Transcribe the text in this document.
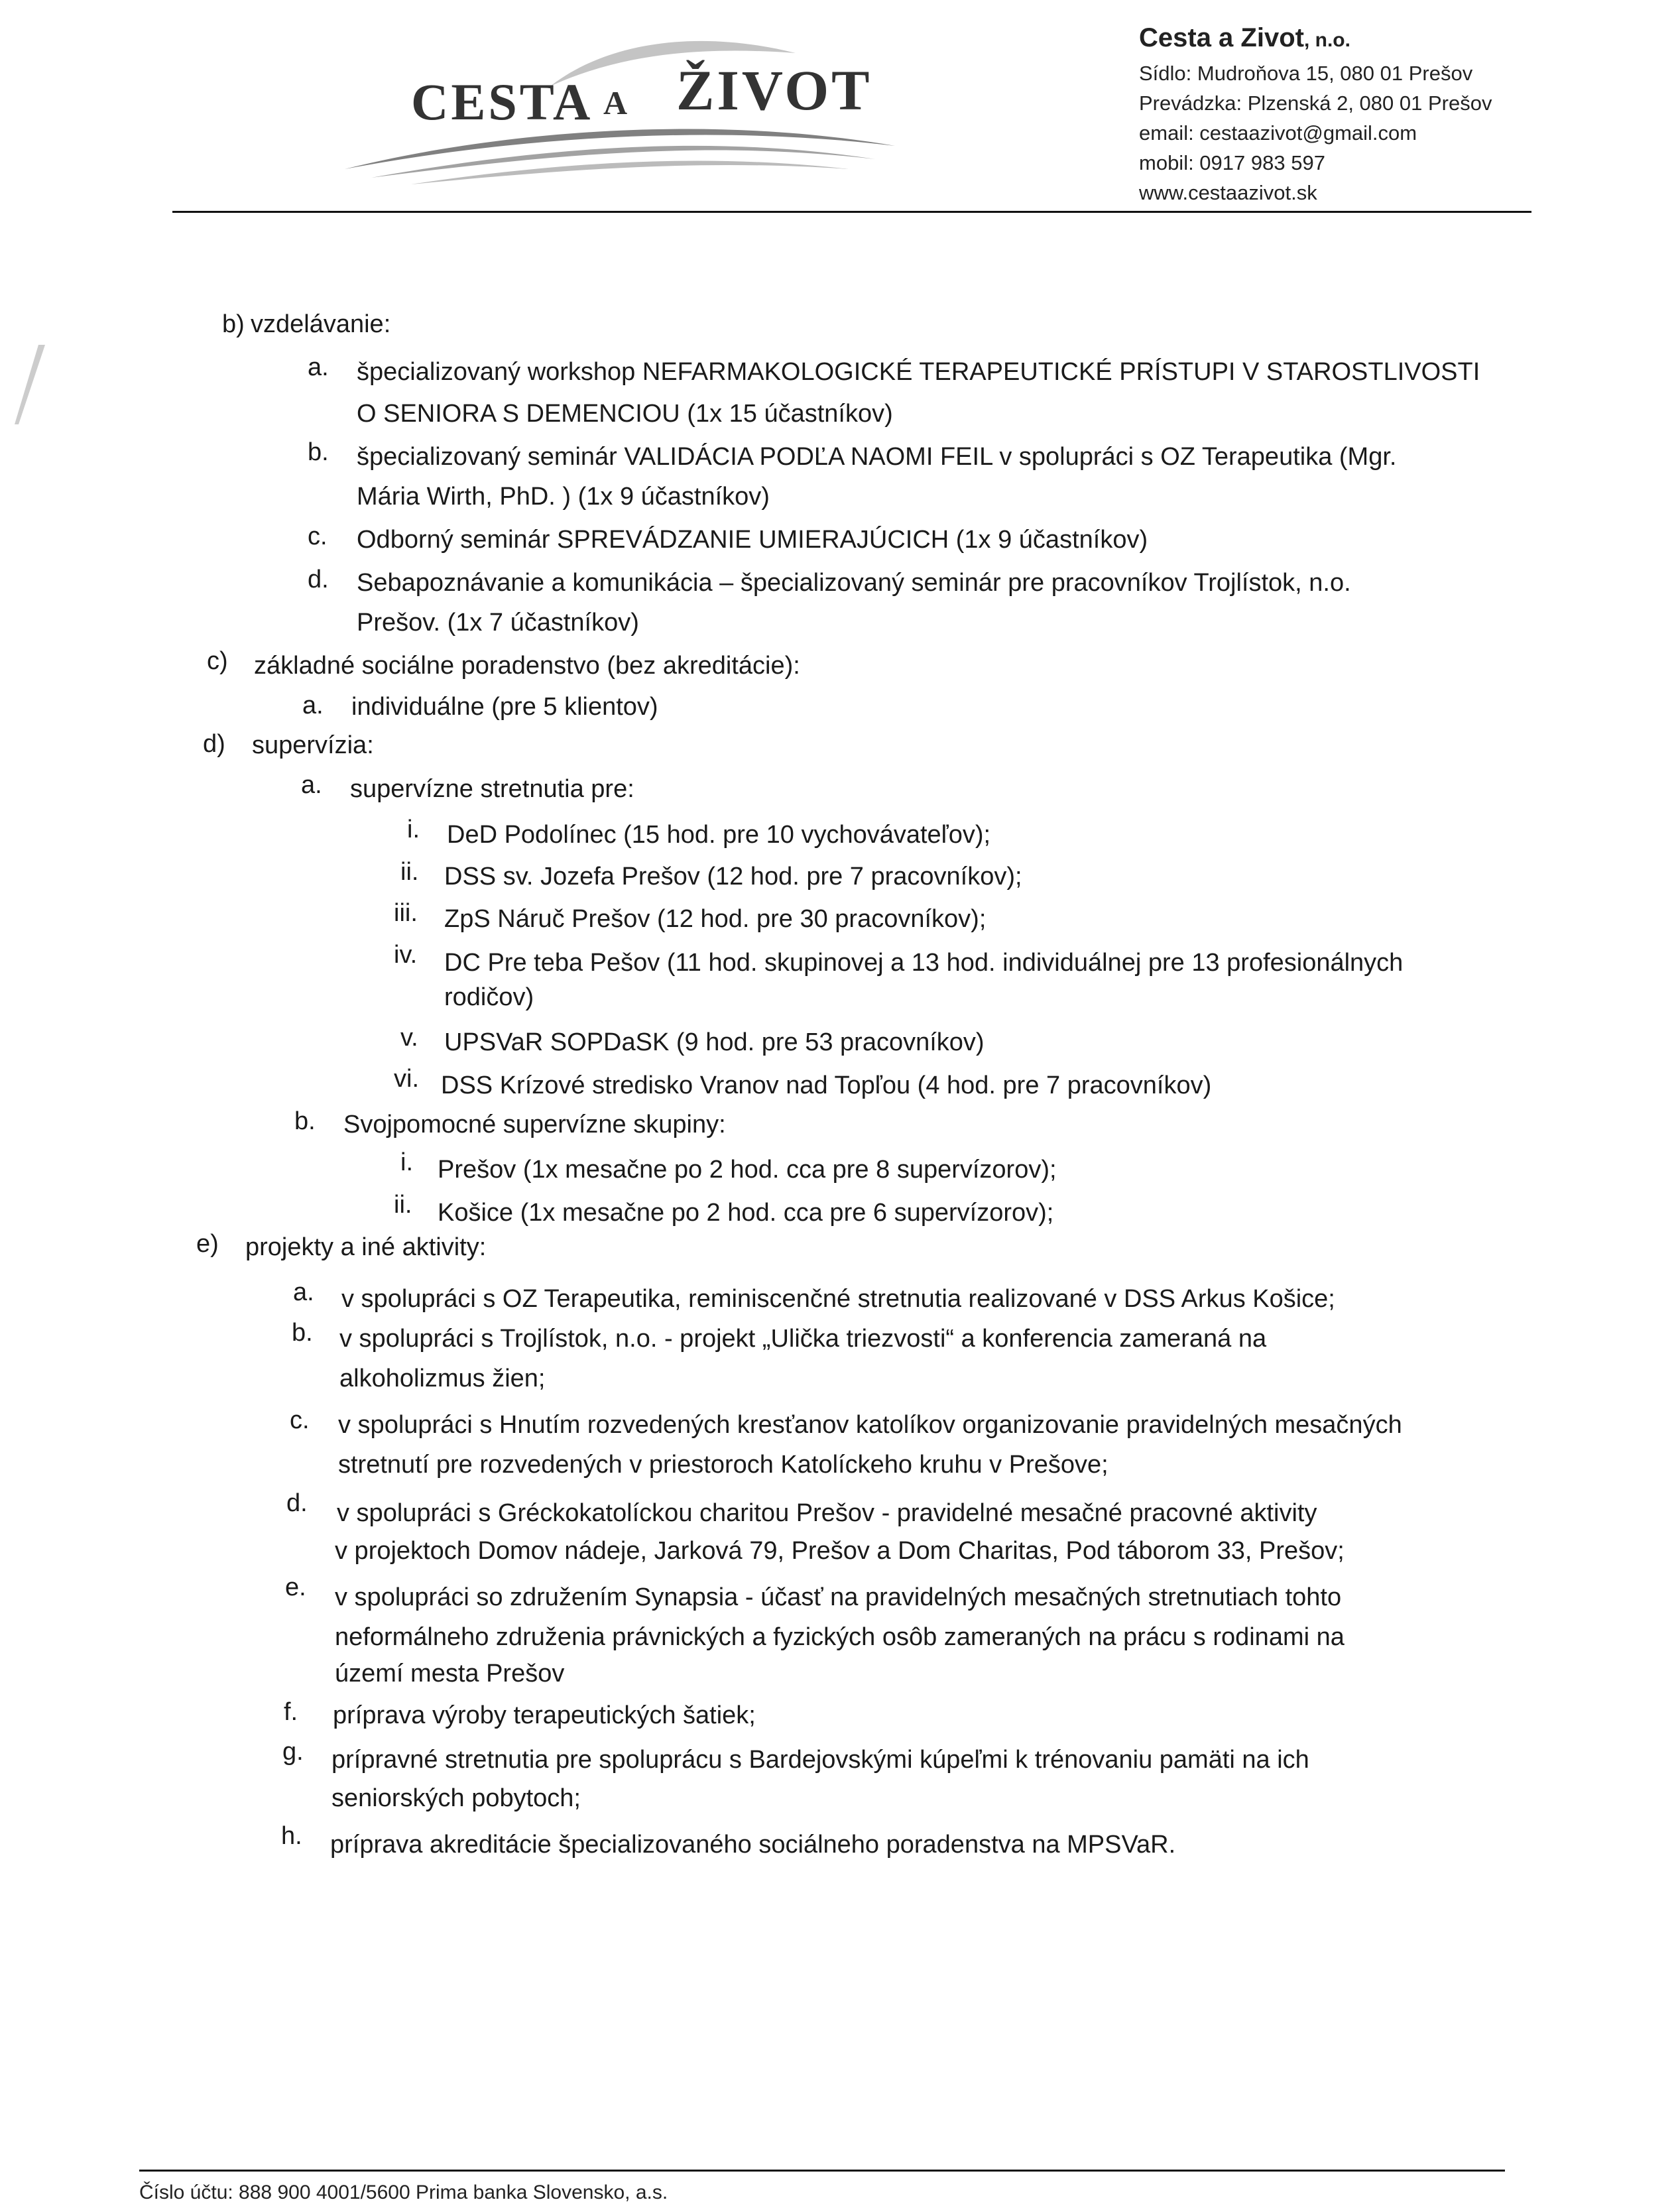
CESTA A ŽIVOT
Cesta a Zivot, n.o.
Sídlo: Mudroňova 15, 080 01 Prešov
Prevádzka: Plzenská 2, 080 01 Prešov
email: cestaazivot@gmail.com
mobil: 0917 983 597
www.cestaazivot.sk
b) vzdelávanie:
a. špecializovaný workshop NEFARMAKOLOGICKÉ TERAPEUTICKÉ PRÍSTUPI V STAROSTLIVOSTI
O SENIORA S DEMENCIOU (1x 15 účastníkov)
b. špecializovaný seminár VALIDÁCIA PODĽA NAOMI FEIL v spolupráci s OZ Terapeutika (Mgr.
Mária Wirth, PhD. ) (1x 9 účastníkov)
c. Odborný seminár SPREVÁDZANIE UMIERAJÚCICH (1x 9 účastníkov)
d. Sebapoznávanie a komunikácia – špecializovaný seminár pre pracovníkov Trojlístok, n.o.
Prešov. (1x 7 účastníkov)
c) základné sociálne poradenstvo (bez akreditácie):
a. individuálne (pre 5 klientov)
d) supervízia:
a. supervízne stretnutia pre:
i. DeD Podolínec (15 hod. pre 10 vychovávateľov);
ii. DSS sv. Jozefa Prešov (12 hod. pre 7 pracovníkov);
iii. ZpS Náruč Prešov (12 hod. pre 30 pracovníkov);
iv. DC Pre teba Pešov (11 hod. skupinovej a 13 hod. individuálnej pre 13 profesionálnych
rodičov)
v. UPSVaR SOPDaSK (9 hod. pre 53 pracovníkov)
vi. DSS Krízové stredisko Vranov nad Topľou (4 hod. pre 7 pracovníkov)
b. Svojpomocné supervízne skupiny:
i. Prešov (1x mesačne po 2 hod. cca pre 8 supervízorov);
ii. Košice (1x mesačne po 2 hod. cca pre 6 supervízorov);
e) projekty a iné aktivity:
a. v spolupráci s OZ Terapeutika, reminiscenčné stretnutia realizované v DSS Arkus Košice;
b. v spolupráci s Trojlístok, n.o. - projekt „Ulička triezvosti“ a konferencia zameraná na
alkoholizmus žien;
c. v spolupráci s Hnutím rozvedených kresťanov katolíkov organizovanie pravidelných mesačných
stretnutí pre rozvedených v priestoroch Katolíckeho kruhu v Prešove;
d. v spolupráci s Gréckokatolíckou charitou Prešov - pravidelné mesačné pracovné aktivity
v projektoch Domov nádeje, Jarková 79, Prešov a Dom Charitas, Pod táborom 33, Prešov;
e. v spolupráci so združením Synapsia - účasť na pravidelných mesačných stretnutiach tohto
neformálneho združenia právnických a fyzických osôb zameraných na prácu s rodinami na
území mesta Prešov
f. príprava výroby terapeutických šatiek;
g. prípravné stretnutia pre spoluprácu s Bardejovskými kúpeľmi k trénovaniu pamäti na ich
seniorských pobytoch;
h. príprava akreditácie špecializovaného sociálneho poradenstva na MPSVaR.
Číslo účtu: 888 900 4001/5600 Prima banka Slovensko, a.s.
